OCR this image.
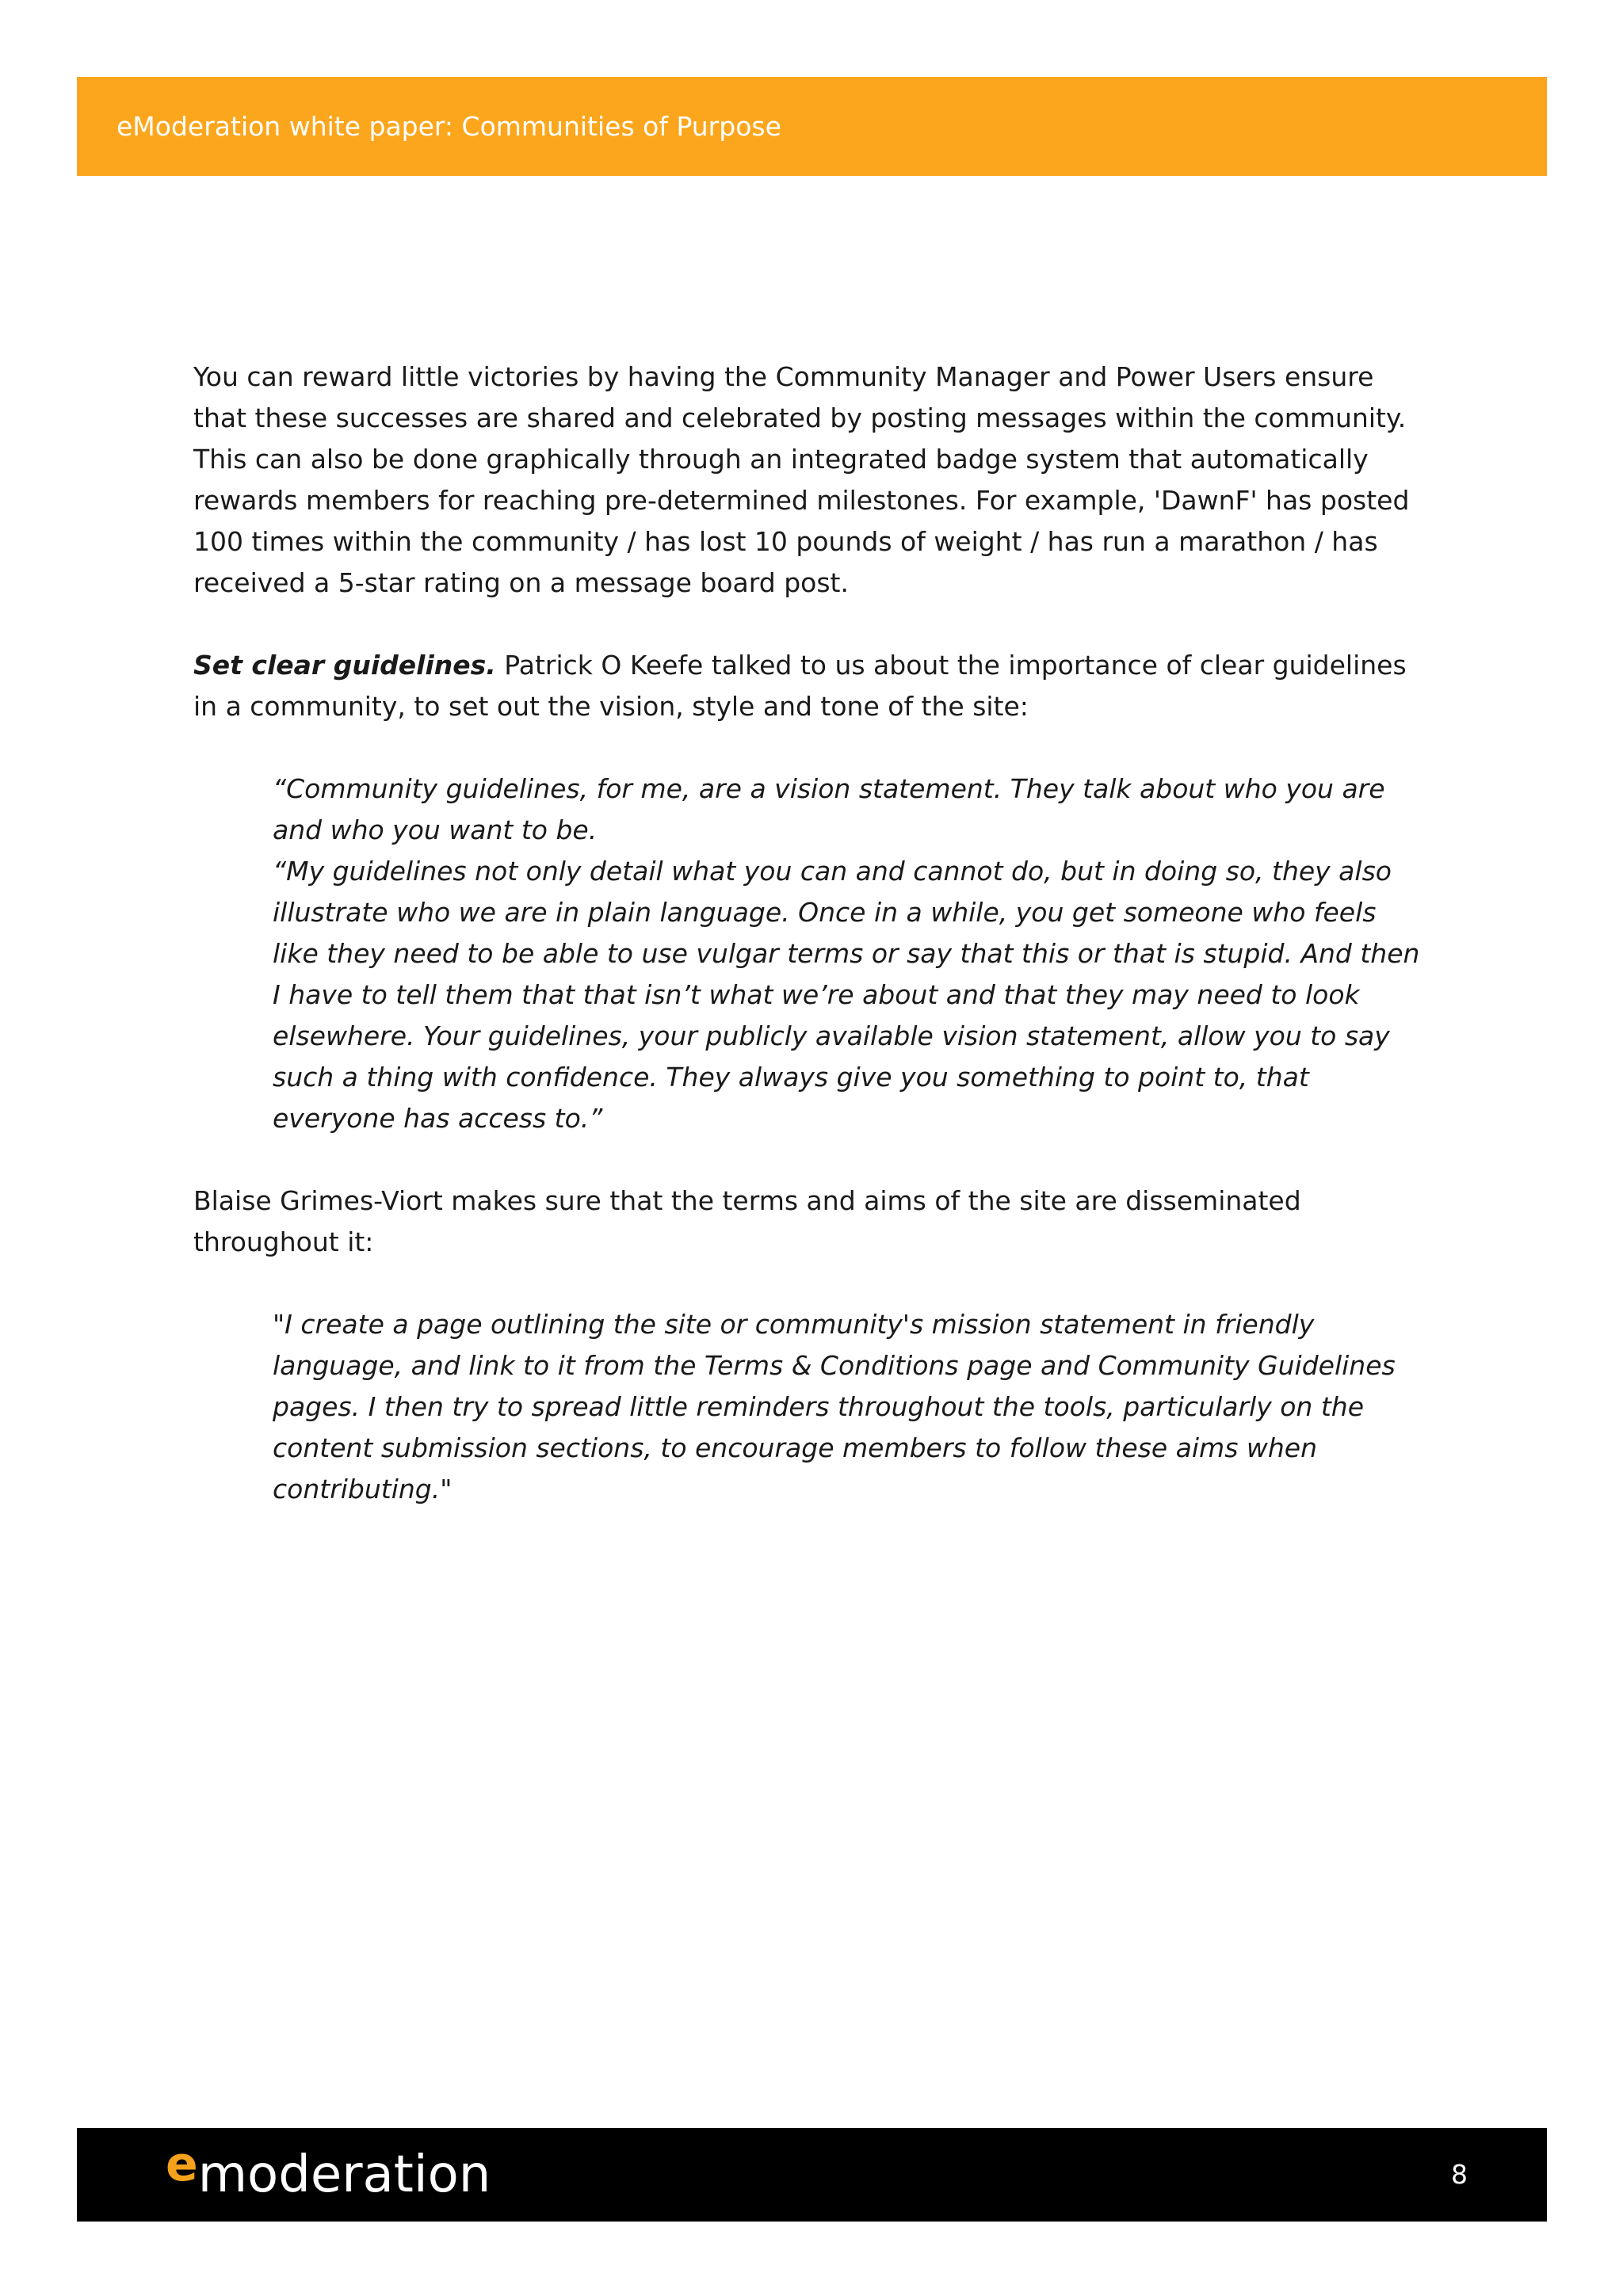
eModeration white paper: Communities of Purpose

You can reward little victories by having the Community Manager and Power Users ensure that these successes are shared and celebrated by posting messages within the community. This can also be done graphically through an integrated badge system that automatically rewards members for reaching pre-determined milestones. For example, 'DawnF' has posted 100 times within the community / has lost 10 pounds of weight / has run a marathon / has received a 5-star rating on a message board post.

Set clear guidelines. Patrick O Keefe talked to us about the importance of clear guidelines in a community, to set out the vision, style and tone of the site:

“Community guidelines, for me, are a vision statement. They talk about who you are and who you want to be.

“My guidelines not only detail what you can and cannot do, but in doing so, they also illustrate who we are in plain language. Once in a while, you get someone who feels like they need to be able to use vulgar terms or say that this or that is stupid. And then I have to tell them that that isn’t what we’re about and that they may need to look elsewhere. Your guidelines, your publicly available vision statement, allow you to say such a thing with confidence. They always give you something to point to, that everyone has access to.”

Blaise Grimes-Viort makes sure that the terms and aims of the site are disseminated throughout it:

"I create a page outlining the site or community's mission statement in friendly language, and link to it from the Terms & Conditions page and Community Guidelines pages. I then try to spread little reminders throughout the tools, particularly on the content submission sections, to encourage members to follow these aims when contributing."

emoderation	8
